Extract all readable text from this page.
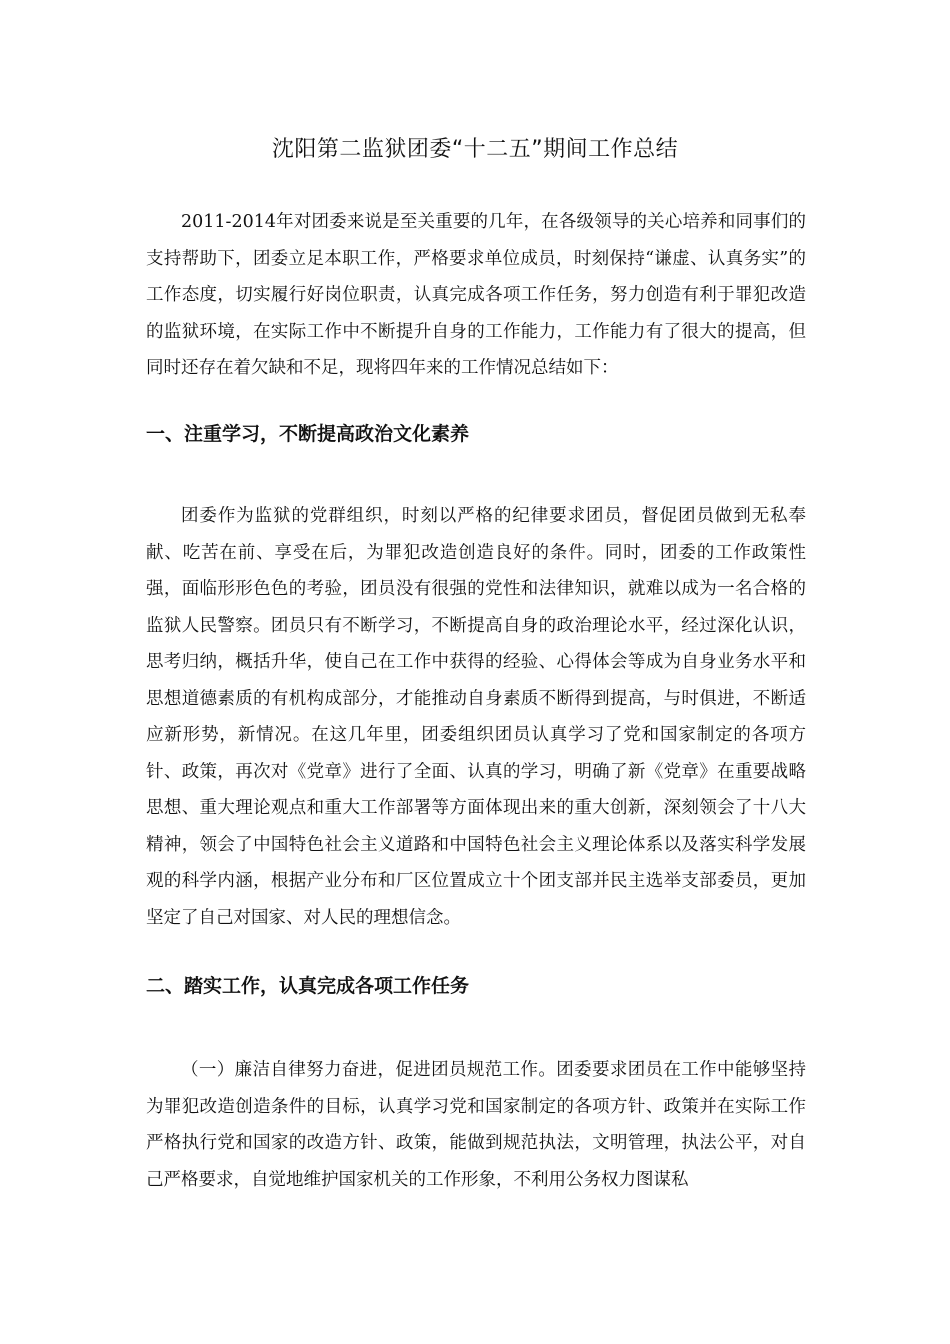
沈阳第二监狱团委“十二五”期间工作总结

2011-2014年对团委来说是至关重要的几年，在各级领导的关心培养和同事们的支持帮助下，团委立足本职工作，严格要求单位成员，时刻保持“谦虚、认真务实”的工作态度，切实履行好岗位职责，认真完成各项工作任务，努力创造有利于罪犯改造的监狱环境，在实际工作中不断提升自身的工作能力，工作能力有了很大的提高，但同时还存在着欠缺和不足，现将四年来的工作情况总结如下：

一、注重学习，不断提高政治文化素养

团委作为监狱的党群组织，时刻以严格的纪律要求团员，督促团员做到无私奉献、吃苦在前、享受在后，为罪犯改造创造良好的条件。同时，团委的工作政策性强，面临形形色色的考验，团员没有很强的党性和法律知识，就难以成为一名合格的监狱人民警察。团员只有不断学习，不断提高自身的政治理论水平，经过深化认识，思考归纳，概括升华，使自己在工作中获得的经验、心得体会等成为自身业务水平和思想道德素质的有机构成部分，才能推动自身素质不断得到提高，与时俱进，不断适应新形势，新情况。在这几年里，团委组织团员认真学习了党和国家制定的各项方针、政策，再次对《党章》进行了全面、认真的学习，明确了新《党章》在重要战略思想、重大理论观点和重大工作部署等方面体现出来的重大创新，深刻领会了十八大精神，领会了中国特色社会主义道路和中国特色社会主义理论体系以及落实科学发展观的科学内涵，根据产业分布和厂区位置成立十个团支部并民主选举支部委员，更加坚定了自己对国家、对人民的理想信念。

二、踏实工作，认真完成各项工作任务

（一）廉洁自律努力奋进，促进团员规范工作。团委要求团员在工作中能够坚持为罪犯改造创造条件的目标，认真学习党和国家制定的各项方针、政策并在实际工作严格执行党和国家的改造方针、政策，能做到规范执法，文明管理，执法公平，对自己严格要求，自觉地维护国家机关的工作形象，不利用公务权力图谋私
